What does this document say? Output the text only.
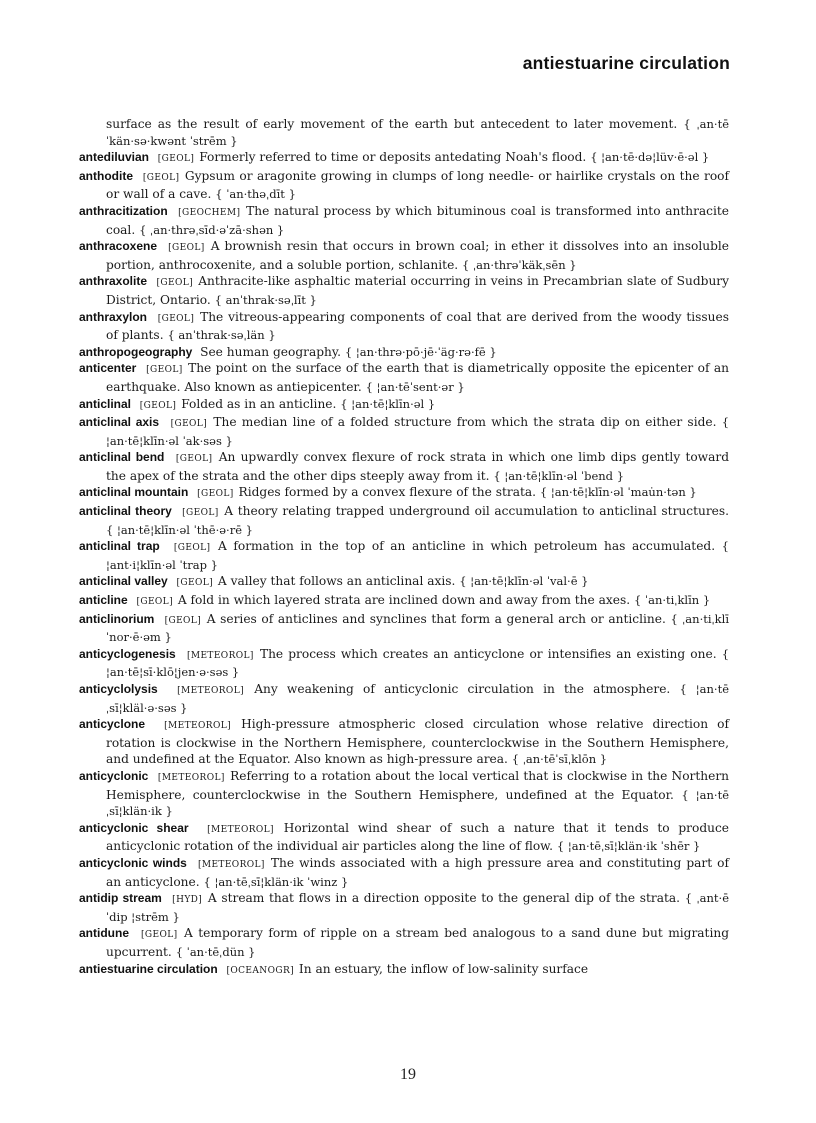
antiestuarine circulation

surface as the result of early movement of the earth but antecedent to later movement. { ˌan·tēˈkän·sə·kwənt ˈstrēm }

antediluvian [GEOL] Formerly referred to time or deposits antedating Noah's flood. { ¦an·tē·də¦lüv·ē·əl }

anthodite [GEOL] Gypsum or aragonite growing in clumps of long needle- or hairlike crystals on the roof or wall of a cave. { ˈan·thəˌdīt }

anthracitization [GEOCHEM] The natural process by which bituminous coal is transformed into anthracite coal. { ˌan·thrəˌsīd·əˈzā·shən }

anthracoxene [GEOL] A brownish resin that occurs in brown coal; in ether it dissolves into an insoluble portion, anthrocoxenite, and a soluble portion, schlanite. { ˌan·thrəˈkäkˌsēn }

anthraxolite [GEOL] Anthracite-like asphaltic material occurring in veins in Precambrian slate of Sudbury District, Ontario. { anˈthrak·səˌlīt }

anthraxylon [GEOL] The vitreous-appearing components of coal that are derived from the woody tissues of plants. { anˈthrak·səˌlän }

anthropogeography See human geography. { ¦an·thrə·pō·jē·ˈäg·rə·fē }

anticenter [GEOL] The point on the surface of the earth that is diametrically opposite the epicenter of an earthquake. Also known as antiepicenter. { ¦an·tēˈsent·ər }

anticlinal [GEOL] Folded as in an anticline. { ¦an·tē¦klīn·əl }

anticlinal axis [GEOL] The median line of a folded structure from which the strata dip on either side. { ¦an·tē¦klīn·əl ˈak·səs }

anticlinal bend [GEOL] An upwardly convex flexure of rock strata in which one limb dips gently toward the apex of the strata and the other dips steeply away from it. { ¦an·tē¦klīn·əl ˈbend }

anticlinal mountain [GEOL] Ridges formed by a convex flexure of the strata. { ¦an·tē¦klīn·əl ˈmau̇n·tən }

anticlinal theory [GEOL] A theory relating trapped underground oil accumulation to anticlinal structures. { ¦an·tē¦klīn·əl ˈthē·ə·rē }

anticlinal trap [GEOL] A formation in the top of an anticline in which petroleum has accumulated. { ¦ant·i¦klīn·əl ˈtrap }

anticlinal valley [GEOL] A valley that follows an anticlinal axis. { ¦an·tē¦klīn·əl ˈval·ē }

anticline [GEOL] A fold in which layered strata are inclined down and away from the axes. { ˈan·tiˌklīn }

anticlinorium [GEOL] A series of anticlines and synclines that form a general arch or anticline. { ˌan·tiˌklīˈnor·ē·əm }

anticyclogenesis [METEOROL] The process which creates an anticyclone or intensifies an existing one. { ¦an·tē¦sī·klō¦jen·ə·səs }

anticyclolysis [METEOROL] Any weakening of anticyclonic circulation in the atmosphere. { ¦an·tēˌsī¦kläl·ə·səs }

anticyclone [METEOROL] High-pressure atmospheric closed circulation whose relative direction of rotation is clockwise in the Northern Hemisphere, counterclockwise in the Southern Hemisphere, and undefined at the Equator. Also known as high-pressure area. { ˌan·tēˈsīˌklōn }

anticyclonic [METEOROL] Referring to a rotation about the local vertical that is clockwise in the Northern Hemisphere, counterclockwise in the Southern Hemisphere, undefined at the Equator. { ¦an·tēˌsī¦klän·ik }

anticyclonic shear [METEOROL] Horizontal wind shear of such a nature that it tends to produce anticyclonic rotation of the individual air particles along the line of flow. { ¦an·tēˌsī¦klän·ik ˈshēr }

anticyclonic winds [METEOROL] The winds associated with a high pressure area and constituting part of an anticyclone. { ¦an·tēˌsī¦klän·ik ˈwinz }

antidip stream [HYD] A stream that flows in a direction opposite to the general dip of the strata. { ˌant·ēˈdip ¦strēm }

antidune [GEOL] A temporary form of ripple on a stream bed analogous to a sand dune but migrating upcurrent. { ˈan·tēˌdün }

antiestuarine circulation [OCEANOGR] In an estuary, the inflow of low-salinity surface

19
